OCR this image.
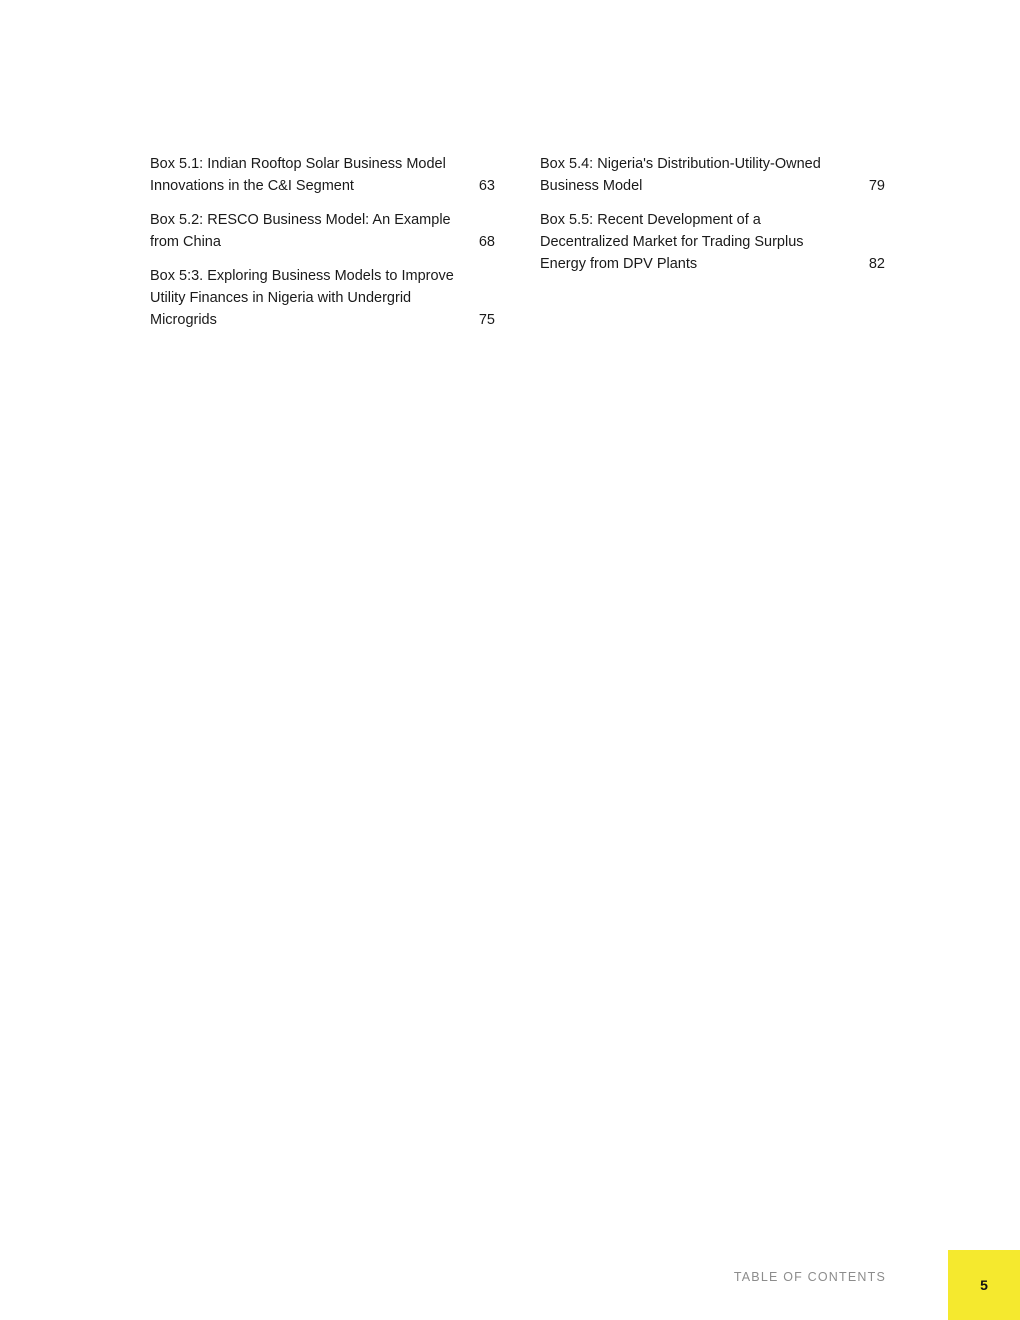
Box 5.1: Indian Rooftop Solar Business Model Innovations in the C&I Segment	63
Box 5.2: RESCO Business Model: An Example from China	68
Box 5:3. Exploring Business Models to Improve Utility Finances in Nigeria with Undergrid Microgrids	75
Box 5.4: Nigeria's Distribution-Utility-Owned Business Model	79
Box 5.5: Recent Development of a Decentralized Market for Trading Surplus Energy from DPV Plants	82
TABLE OF CONTENTS	5
